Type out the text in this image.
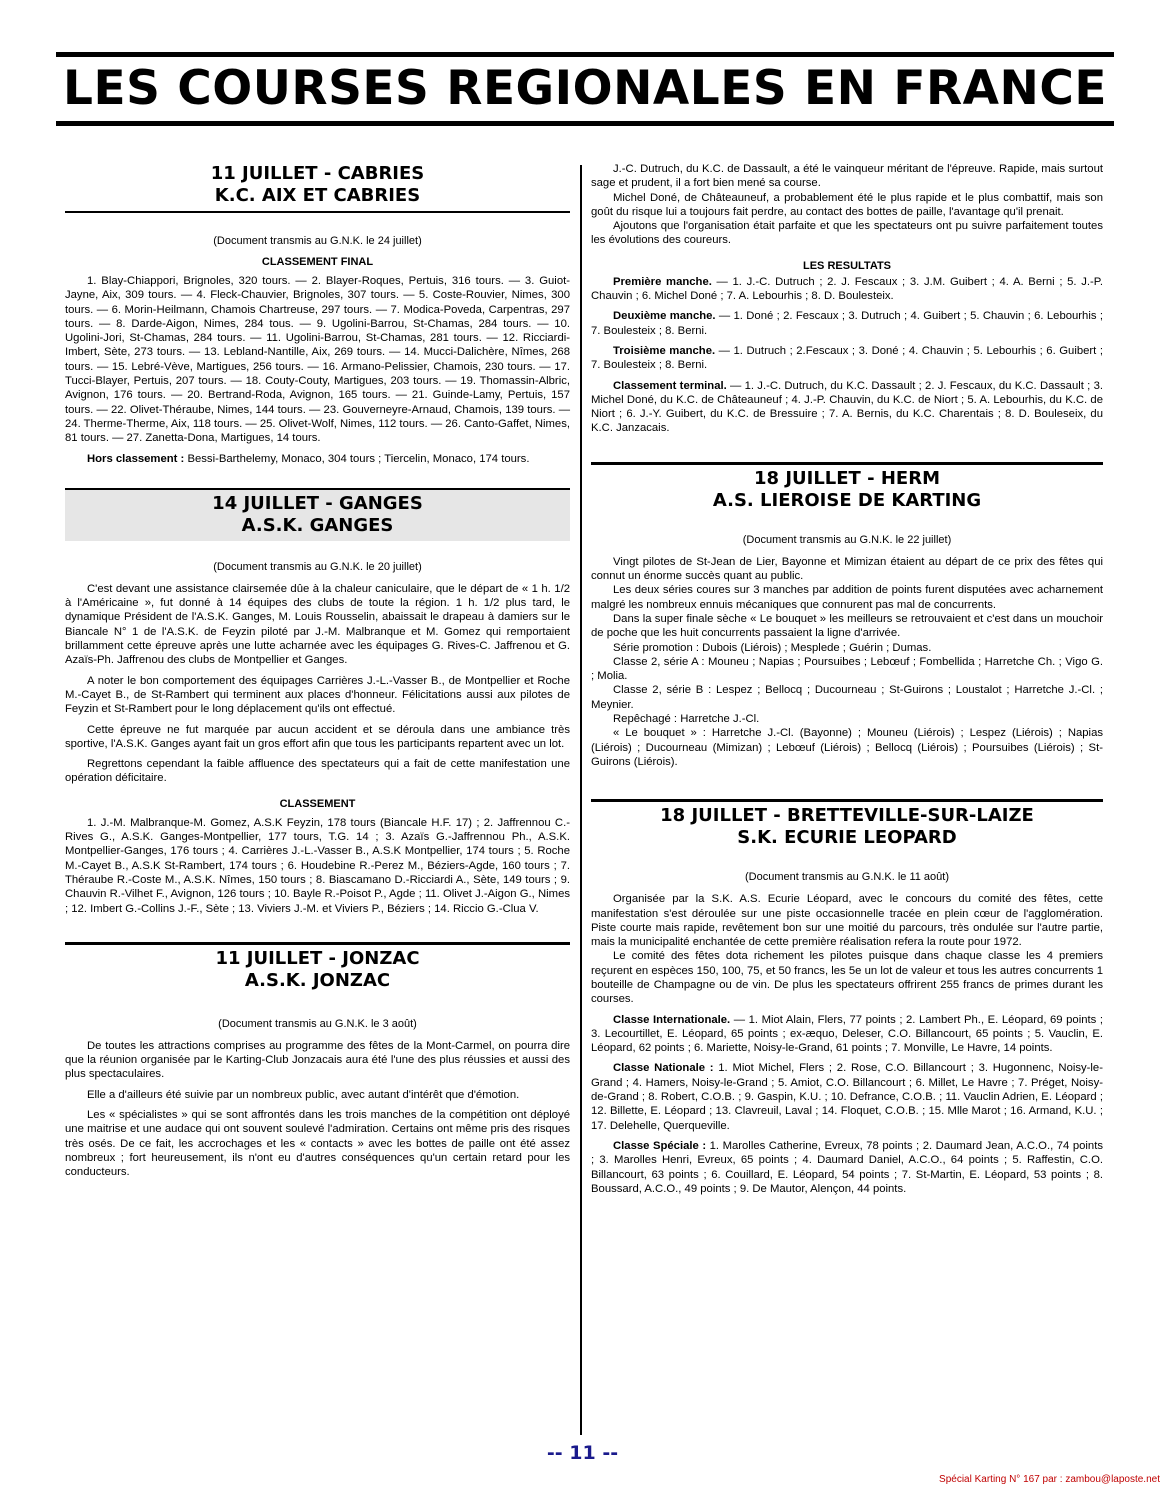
LES COURSES REGIONALES EN FRANCE
11 JUILLET - CABRIES
K.C. AIX ET CABRIES
(Document transmis au G.N.K. le 24 juillet)
CLASSEMENT FINAL

1. Blay-Chiappori, Brignoles, 320 tours. — 2. Blayer-Roques, Pertuis, 316 tours. — 3. Guiot-Jayne, Aix, 309 tours. — 4. Fleck-Chauvier, Brignoles, 307 tours. — 5. Coste-Rouvier, Nimes, 300 tours. — 6. Morin-Heilmann, Chamois Chartreuse, 297 tours. — 7. Modica-Poveda, Carpentras, 297 tours. — 8. Darde-Aigon, Nimes, 284 tous. — 9. Ugolini-Barrou, St-Chamas, 284 tours. — 10. Ugolini-Jori, St-Chamas, 284 tours. — 11. Ugolini-Barrou, St-Chamas, 281 tours. — 12. Ricciardi-Imbert, Sète, 273 tours. — 13. Lebland-Nantille, Aix, 269 tours. — 14. Mucci-Dalichère, Nîmes, 268 tours. — 15. Lebré-Vève, Martigues, 256 tours. — 16. Armano-Pelissier, Chamois, 230 tours. — 17. Tucci-Blayer, Pertuis, 207 tours. — 18. Couty-Couty, Martigues, 203 tours. — 19. Thomassin-Albric, Avignon, 176 tours. — 20. Bertrand-Roda, Avignon, 165 tours. — 21. Guinde-Lamy, Pertuis, 157 tours. — 22. Olivet-Théraube, Nimes, 144 tours. — 23. Gouverneyre-Arnaud, Chamois, 139 tours. — 24. Therme-Therme, Aix, 118 tours. — 25. Olivet-Wolf, Nimes, 112 tours. — 26. Canto-Gaffet, Nimes, 81 tours. — 27. Zanetta-Dona, Martigues, 14 tours.

Hors classement : Bessi-Barthelemy, Monaco, 304 tours ; Tiercelin, Monaco, 174 tours.

14 JUILLET - GANGES
A.S.K. GANGES
(Document transmis au G.N.K. le 20 juillet)

C'est devant une assistance clairsemée dûe à la chaleur caniculaire, que le départ de « 1 h. 1/2 à l'Américaine », fut donné à 14 équipes des clubs de toute la région. 1 h. 1/2 plus tard, le dynamique Président de l'A.S.K. Ganges, M. Louis Rousselin, abaissait le drapeau à damiers sur le Biancale N° 1 de l'A.S.K. de Feyzin piloté par J.-M. Malbranque et M. Gomez qui remportaient brillamment cette épreuve après une lutte acharnée avec les équipages G. Rives-C. Jaffrenou et G. Azaïs-Ph. Jaffrenou des clubs de Montpellier et Ganges.

A noter le bon comportement des équipages Carrières J.-L.-Vasser B., de Montpellier et Roche M.-Cayet B., de St-Rambert qui terminent aux places d'honneur. Félicitations aussi aux pilotes de Feyzin et St-Rambert pour le long déplacement qu'ils ont effectué.

Cette épreuve ne fut marquée par aucun accident et se déroula dans une ambiance très sportive, l'A.S.K. Ganges ayant fait un gros effort afin que tous les participants repartent avec un lot.

Regrettons cependant la faible affluence des spectateurs qui a fait de cette manifestation une opération déficitaire.

CLASSEMENT

1. J.-M. Malbranque-M. Gomez, A.S.K Feyzin, 178 tours (Biancale H.F. 17) ; 2. Jaffrennou C.-Rives G., A.S.K. Ganges-Montpellier, 177 tours, T.G. 14 ; 3. Azaïs G.-Jaffrennou Ph., A.S.K. Montpellier-Ganges, 176 tours ; 4. Carrières J.-L.-Vasser B., A.S.K Montpellier, 174 tours ; 5. Roche M.-Cayet B., A.S.K St-Rambert, 174 tours ; 6. Houdebine R.-Perez M., Béziers-Agde, 160 tours ; 7. Théraube R.-Coste M., A.S.K. Nîmes, 150 tours ; 8. Biascamano D.-Ricciardi A., Sète, 149 tours ; 9. Chauvin R.-Vilhet F., Avignon, 126 tours ; 10. Bayle R.-Poisot P., Agde ; 11. Olivet J.-Aigon G., Nimes ; 12. Imbert G.-Collins J.-F., Sète ; 13. Viviers J.-M. et Viviers P., Béziers ; 14. Riccio G.-Clua V.

11 JUILLET - JONZAC
A.S.K. JONZAC
(Document transmis au G.N.K. le 3 août)

De toutes les attractions comprises au programme des fêtes de la Mont-Carmel, on pourra dire que la réunion organisée par le Karting-Club Jonzacais aura été l'une des plus réussies et aussi des plus spectaculaires.

Elle a d'ailleurs été suivie par un nombreux public, avec autant d'intérêt que d'émotion.

Les « spécialistes » qui se sont affrontés dans les trois manches de la compétition ont déployé une maitrise et une audace qui ont souvent soulevé l'admiration. Certains ont même pris des risques très osés. De ce fait, les accrochages et les « contacts » avec les bottes de paille ont été assez nombreux ; fort heureusement, ils n'ont eu d'autres conséquences qu'un certain retard pour les conducteurs.

J.-C. Dutruch, du K.C. de Dassault, a été le vainqueur méritant de l'épreuve. Rapide, mais surtout sage et prudent, il a fort bien mené sa course.

Michel Doné, de Châteauneuf, a probablement été le plus rapide et le plus combattif, mais son goût du risque lui a toujours fait perdre, au contact des bottes de paille, l'avantage qu'il prenait.

Ajoutons que l'organisation était parfaite et que les spectateurs ont pu suivre parfaitement toutes les évolutions des coureurs.

LES RESULTATS

Première manche. — 1. J.-C. Dutruch ; 2. J. Fescaux ; 3. J.M. Guibert ; 4. A. Berni ; 5. J.-P. Chauvin ; 6. Michel Doné ; 7. A. Lebourhis ; 8. D. Boulesteix.

Deuxième manche. — 1. Doné ; 2. Fescaux ; 3. Dutruch ; 4. Guibert ; 5. Chauvin ; 6. Lebourhis ; 7. Boulesteix ; 8. Berni.

Troisième manche. — 1. Dutruch ; 2.Fescaux ; 3. Doné ; 4. Chauvin ; 5. Lebourhis ; 6. Guibert ; 7. Boulesteix ; 8. Berni.

Classement terminal. — 1. J.-C. Dutruch, du K.C. Dassault ; 2. J. Fescaux, du K.C. Dassault ; 3. Michel Doné, du K.C. de Châteauneuf ; 4. J.-P. Chauvin, du K.C. de Niort ; 5. A. Lebourhis, du K.C. de Niort ; 6. J.-Y. Guibert, du K.C. de Bressuire ; 7. A. Bernis, du K.C. Charentais ; 8. D. Bouleseix, du K.C. Janzacais.

18 JUILLET - HERM
A.S. LIEROISE DE KARTING
(Document transmis au G.N.K. le 22 juillet)

Vingt pilotes de St-Jean de Lier, Bayonne et Mimizan étaient au départ de ce prix des fêtes qui connut un énorme succès quant au public.

Les deux séries coures sur 3 manches par addition de points furent disputées avec acharnement malgré les nombreux ennuis mécaniques que connurent pas mal de concurrents.

Dans la super finale sèche « Le bouquet » les meilleurs se retrouvaient et c'est dans un mouchoir de poche que les huit concurrents passaient la ligne d'arrivée.

Série promotion : Dubois (Liérois) ; Mesplede ; Guérin ; Dumas.

Classe 2, série A : Mouneu ; Napias ; Poursuibes ; Lebœuf ; Fombellida ; Harretche Ch. ; Vigo G. ; Molia.

Classe 2, série B : Lespez ; Bellocq ; Ducourneau ; St-Guirons ; Loustalot ; Harretche J.-Cl. ; Meynier.

Repêchagé : Harretche J.-Cl.

« Le bouquet » : Harretche J.-Cl. (Bayonne) ; Mouneu (Liérois) ; Lespez (Liérois) ; Napias (Liérois) ; Ducourneau (Mimizan) ; Lebœuf (Liérois) ; Bellocq (Liérois) ; Poursuibes (Liérois) ; St-Guirons (Liérois).

18 JUILLET - BRETTEVILLE-SUR-LAIZE
S.K. ECURIE LEOPARD
(Document transmis au G.N.K. le 11 août)

Organisée par la S.K. A.S. Ecurie Léopard, avec le concours du comité des fêtes, cette manifestation s'est déroulée sur une piste occasionnelle tracée en plein cœur de l'agglomération. Piste courte mais rapide, revêtement bon sur une moitié du parcours, très ondulée sur l'autre partie, mais la municipalité enchantée de cette première réalisation refera la route pour 1972.

Le comité des fêtes dota richement les pilotes puisque dans chaque classe les 4 premiers reçurent en espèces 150, 100, 75, et 50 francs, les 5e un lot de valeur et tous les autres concurrents 1 bouteille de Champagne ou de vin. De plus les spectateurs offrirent 255 francs de primes durant les courses.

Classe Internationale. — 1. Miot Alain, Flers, 77 points ; 2. Lambert Ph., E. Léopard, 69 points ; 3. Lecourtillet, E. Léopard, 65 points ; ex-æquo, Deleser, C.O. Billancourt, 65 points ; 5. Vauclin, E. Léopard, 62 points ; 6. Mariette, Noisy-le-Grand, 61 points ; 7. Monville, Le Havre, 14 points.

Classe Nationale : 1. Miot Michel, Flers ; 2. Rose, C.O. Billancourt ; 3. Hugonnenc, Noisy-le-Grand ; 4. Hamers, Noisy-le-Grand ; 5. Amiot, C.O. Billancourt ; 6. Millet, Le Havre ; 7. Préget, Noisy-de-Grand ; 8. Robert, C.O.B. ; 9. Gaspin, K.U. ; 10. Defrance, C.O.B. ; 11. Vauclin Adrien, E. Léopard ; 12. Billette, E. Léopard ; 13. Clavreuil, Laval ; 14. Floquet, C.O.B. ; 15. Mlle Marot ; 16. Armand, K.U. ; 17. Delehelle, Querqueville.

Classe Spéciale : 1. Marolles Catherine, Evreux, 78 points ; 2. Daumard Jean, A.C.O., 74 points ; 3. Marolles Henri, Evreux, 65 points ; 4. Daumard Daniel, A.C.O., 64 points ; 5. Raffestin, C.O. Billancourt, 63 points ; 6. Couillard, E. Léopard, 54 points ; 7. St-Martin, E. Léopard, 53 points ; 8. Boussard, A.C.O., 49 points ; 9. De Mautor, Alençon, 44 points.

-- 11 --
Spécial Karting N° 167 par : zambou@laposte.net
